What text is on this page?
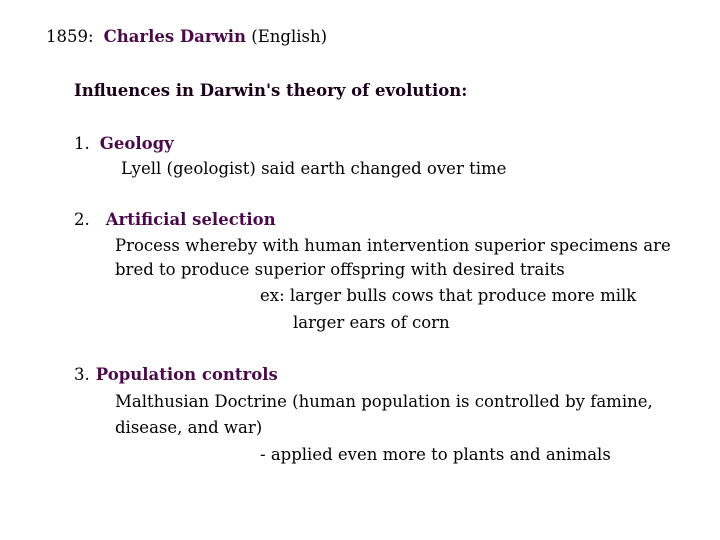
1859: Charles Darwin (English)
Influences in Darwin's theory of evolution:
1. Geology
Lyell (geologist) said earth changed over time
2. Artificial selection
Process whereby with human intervention superior specimens are
bred to produce superior offspring with desired traits
ex: larger bulls cows that produce more milk
larger ears of corn
3. Population controls
Malthusian Doctrine (human population is controlled by famine,
disease, and war)
- applied even more to plants and animals
